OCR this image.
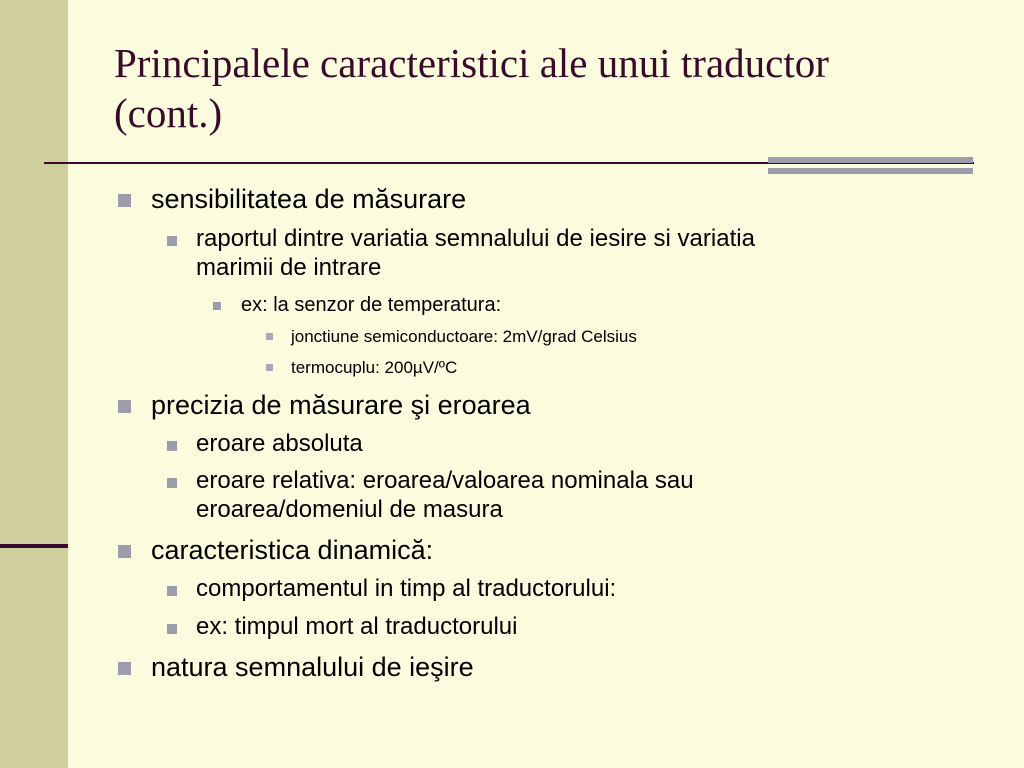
Principalele caracteristici ale unui traductor
(cont.)
sensibilitatea de măsurare
raportul dintre variatia semnalului de iesire si variatia
marimii de intrare
ex: la senzor de temperatura:
jonctiune semiconductoare: 2mV/grad Celsius
termocuplu: 200µV/ºC
precizia de măsurare şi eroarea
eroare absoluta
eroare relativa: eroarea/valoarea nominala sau
eroarea/domeniul de masura
caracteristica dinamică:
comportamentul in timp al traductorului:
ex: timpul mort al traductorului
natura semnalului de ieşire
